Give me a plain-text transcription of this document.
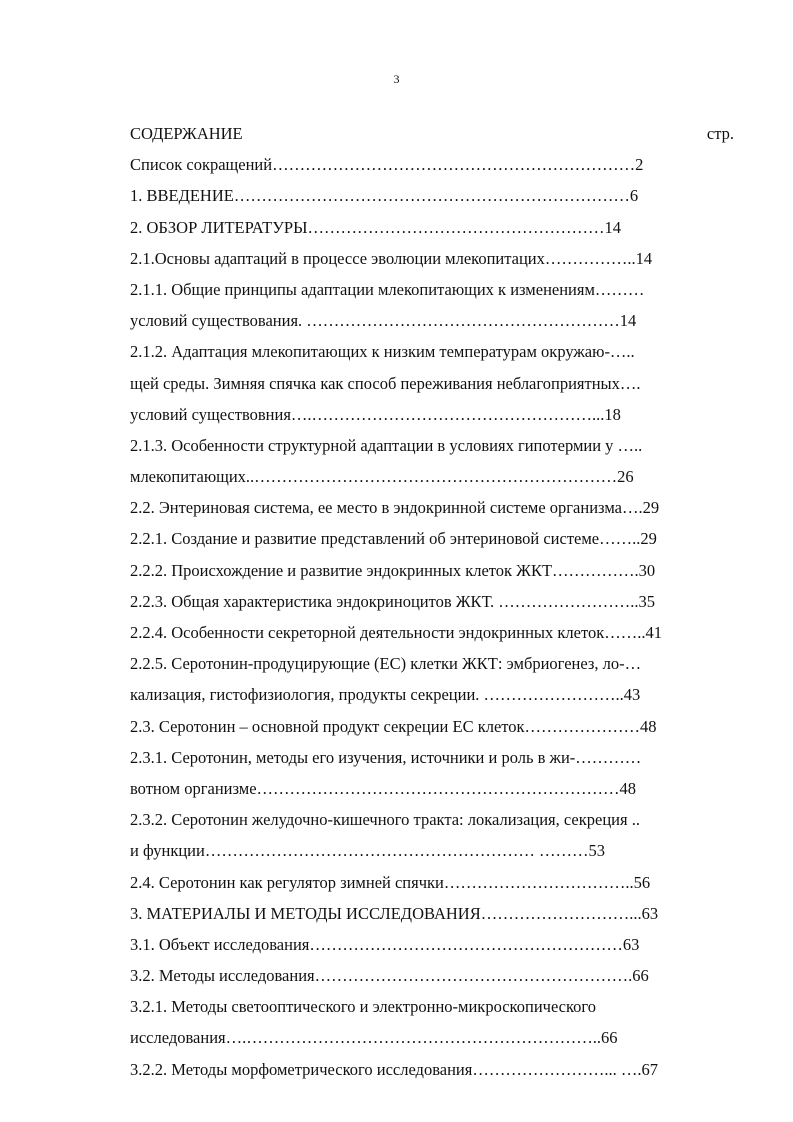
3
СОДЕРЖАНИЕ	стр.
Список сокращений…………………………………………………………2
1. ВВЕДЕНИЕ………………………………………………………………6
2. ОБЗОР ЛИТЕРАТУРЫ………………………………………………14
2.1.Основы адаптаций в процессе эволюции млекопитацих……………..14
2.1.1. Общие принципы адаптации млекопитающих к изменениям………
условий существования. …………………………………………………14
2.1.2. Адаптация млекопитающих к низким температурам окружаю-…..
щей среды. Зимняя спячка как способ переживания неблагоприятных….
условий существовния….……………………………………………...18
2.1.3. Особенности структурной адаптации в условиях гипотермии у …..
млекопитающих..…………………………………………………………26
2.2. Энтериновая система, ее место в эндокринной системе организма….29
2.2.1. Создание и развитие представлений об энтериновой системе……..29
2.2.2. Происхождение и развитие эндокринных клеток ЖКТ…………….30
2.2.3. Общая характеристика эндокриноцитов ЖКТ. ……………………..35
2.2.4. Особенности секреторной деятельности эндокринных клеток……..41
2.2.5. Серотонин-продуцирующие (ЕС) клетки ЖКТ: эмбриогенез, ло-…
кализация, гистофизиология, продукты секреции. ……………………..43
2.3. Серотонин – основной продукт секреции ЕС клеток…………………48
2.3.1. Серотонин, методы его изучения, источники и роль в жи-…………
вотном организме…………………………………………………………48
2.3.2. Серотонин желудочно-кишечного тракта: локализация, секреция ..
и функции…………………………………………………… ………53
2.4. Серотонин как регулятор зимней спячки……………………………..56
3. МАТЕРИАЛЫ И МЕТОДЫ ИССЛЕДОВАНИЯ………………………...63
3.1. Объект исследования…………………………………………………63
3.2. Методы исследования………………………………………………….66
3.2.1. Методы светооптического и электронно-микроскопического
исследования….………………………………………………………..66
3.2.2. Методы морфометрического исследования……………………... ….67
